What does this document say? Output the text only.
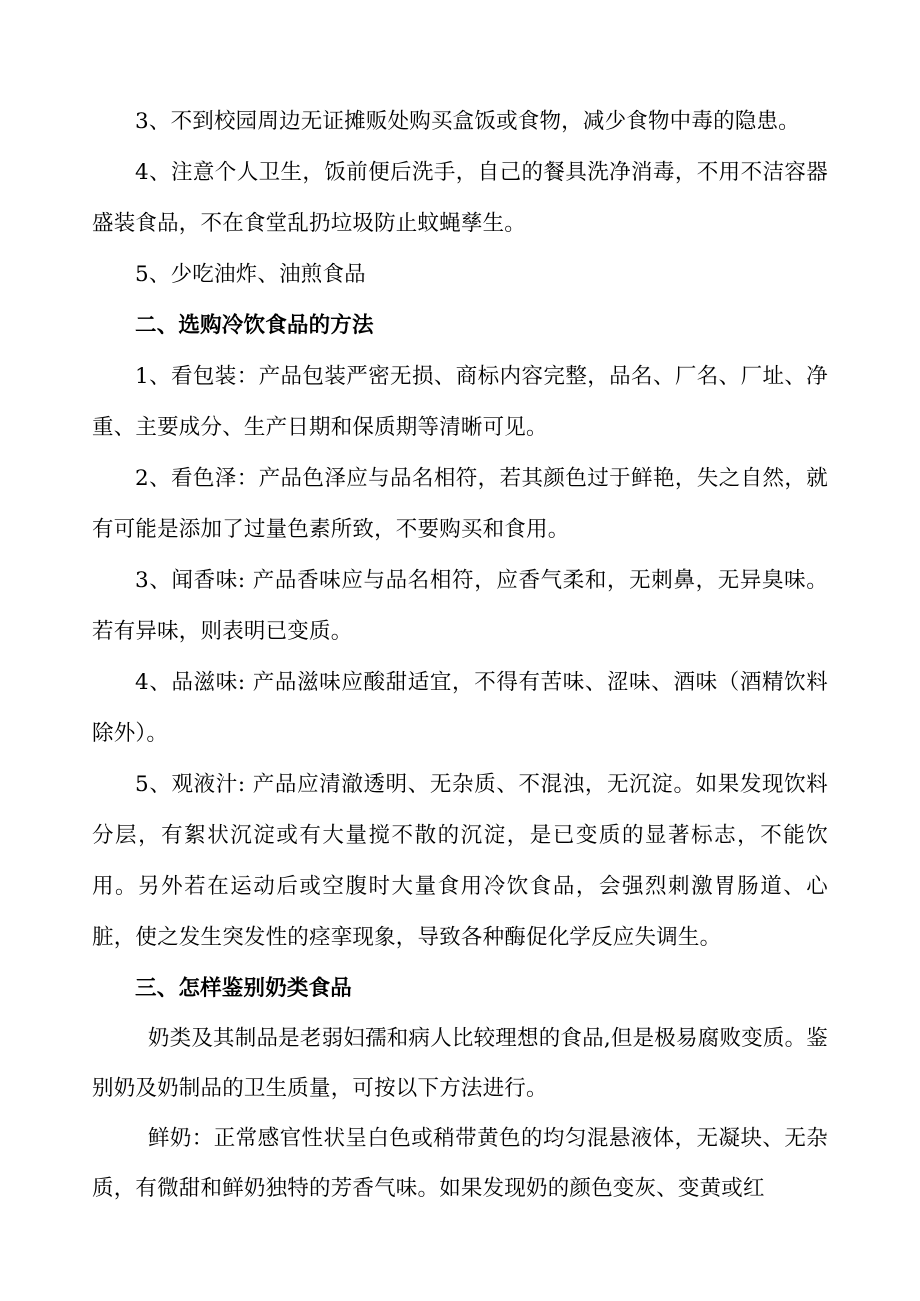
3、不到校园周边无证摊贩处购买盒饭或食物，减少食物中毒的隐患。

4、注意个人卫生，饭前便后洗手，自己的餐具洗净消毒，不用不洁容器盛装食品，不在食堂乱扔垃圾防止蚊蝇孳生。

5、少吃油炸、油煎食品

二、选购冷饮食品的方法

1、看包装：产品包装严密无损、商标内容完整，品名、厂名、厂址、净重、主要成分、生产日期和保质期等清晰可见。

2、看色泽：产品色泽应与品名相符，若其颜色过于鲜艳，失之自然，就有可能是添加了过量色素所致，不要购买和食用。

3、闻香味: 产品香味应与品名相符，应香气柔和，无刺鼻，无异臭味。若有异味，则表明已变质。

4、品滋味: 产品滋味应酸甜适宜，不得有苦味、涩味、酒味（酒精饮料除外）。

5、观液汁: 产品应清澈透明、无杂质、不混浊，无沉淀。如果发现饮料分层，有絮状沉淀或有大量搅不散的沉淀，是已变质的显著标志，不能饮用。另外若在运动后或空腹时大量食用冷饮食品，会强烈刺激胃肠道、心脏，使之发生突发性的痉挛现象，导致各种酶促化学反应失调生。

三、怎样鉴别奶类食品

奶类及其制品是老弱妇孺和病人比较理想的食品,但是极易腐败变质。鉴别奶及奶制品的卫生质量，可按以下方法进行。

鲜奶：正常感官性状呈白色或稍带黄色的均匀混悬液体，无凝块、无杂质，有微甜和鲜奶独特的芳香气味。如果发现奶的颜色变灰、变黄或红
